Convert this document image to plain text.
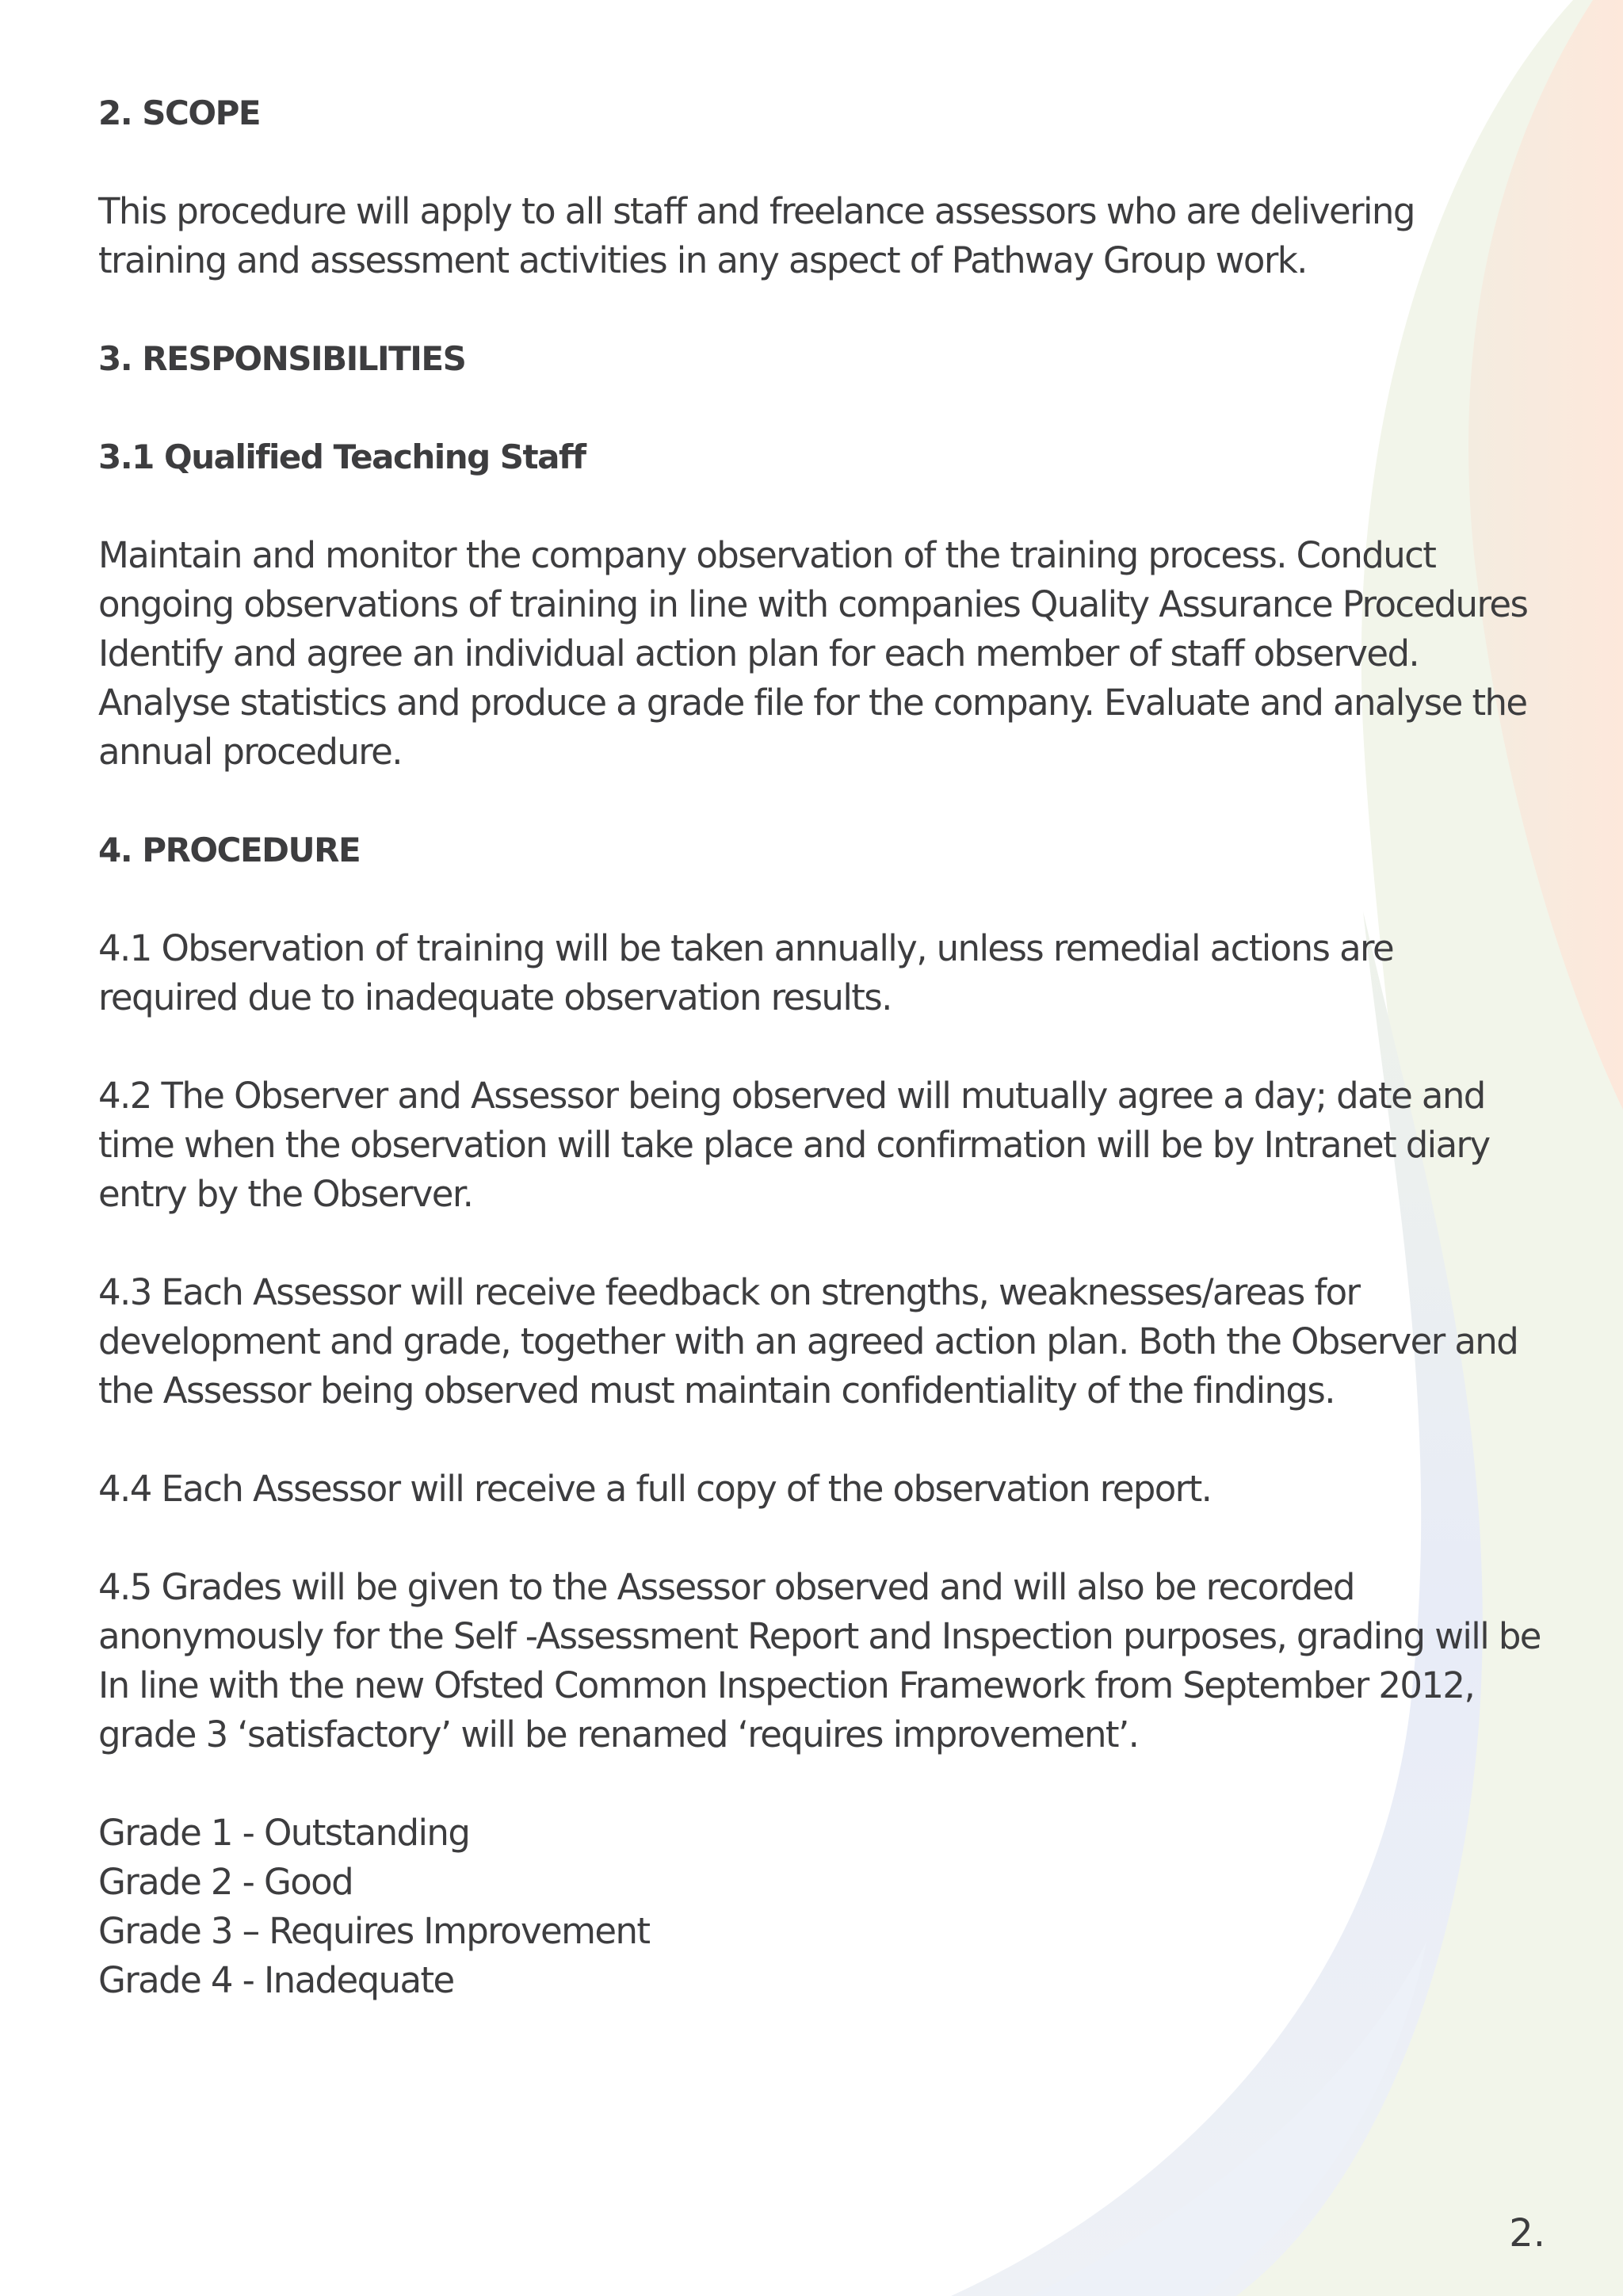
2. SCOPE

This procedure will apply to all staff and freelance assessors who are delivering training and assessment activities in any aspect of Pathway Group work.

3. RESPONSIBILITIES
3.1 Qualified Teaching Staff

Maintain and monitor the company observation of the training process. Conduct ongoing observations of training in line with companies Quality Assurance Procedures Identify and agree an individual action plan for each member of staff observed. Analyse statistics and produce a grade file for the company. Evaluate and analyse the annual procedure.

4. PROCEDURE

4.1 Observation of training will be taken annually, unless remedial actions are required due to inadequate observation results.

4.2 The Observer and Assessor being observed will mutually agree a day; date and time when the observation will take place and confirmation will be by Intranet diary entry by the Observer.

4.3 Each Assessor will receive feedback on strengths, weaknesses/areas for development and grade, together with an agreed action plan. Both the Observer and the Assessor being observed must maintain confidentiality of the findings.

4.4 Each Assessor will receive a full copy of the observation report.

4.5 Grades will be given to the Assessor observed and will also be recorded anonymously for the Self -Assessment Report and Inspection purposes, grading will be In line with the new Ofsted Common Inspection Framework from September 2012, grade 3 ‘satisfactory’ will be renamed ‘requires improvement’.

Grade 1 - Outstanding
Grade 2 - Good
Grade 3 – Requires Improvement
Grade 4 - Inadequate
2.
